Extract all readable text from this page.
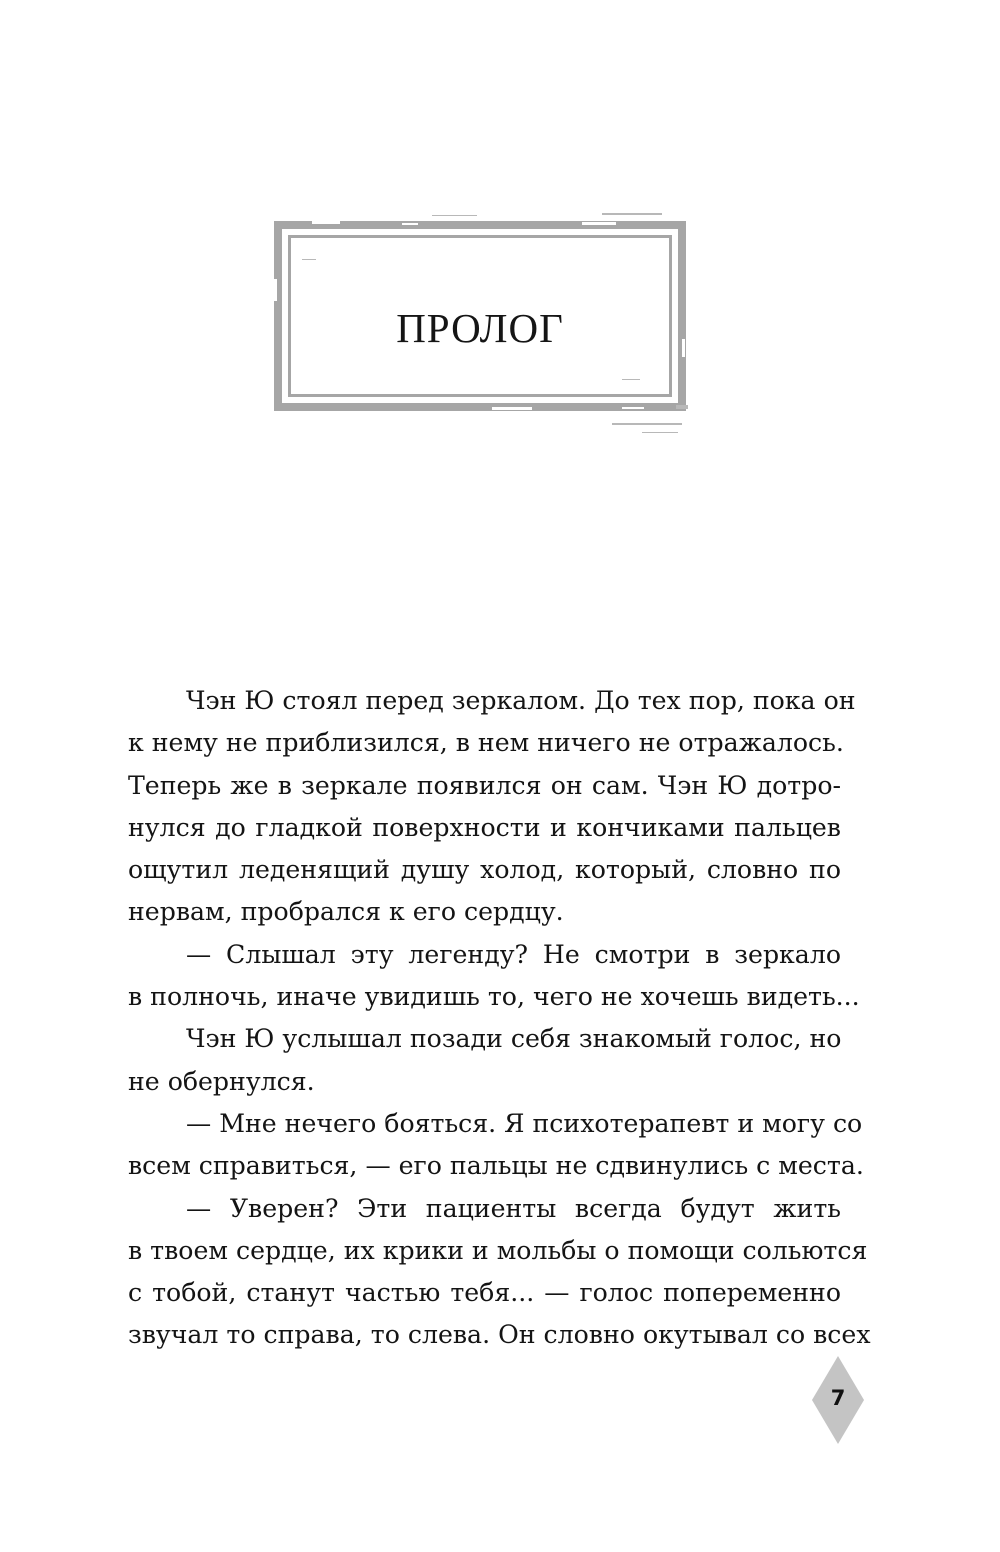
ПРОЛОГ
Чэн Ю стоял перед зеркалом. До тех пор, пока он
к нему не приблизился, в нем ничего не отражалось.
Теперь же в зеркале появился он сам. Чэн Ю дотро-
нулся до гладкой поверхности и кончиками пальцев
ощутил леденящий душу холод, который, словно по
нервам, пробрался к его сердцу.
— Слышал эту легенду? Не смотри в зеркало
в полночь, иначе увидишь то, чего не хочешь видеть...
Чэн Ю услышал позади себя знакомый голос, но
не обернулся.
— Мне нечего бояться. Я психотерапевт и могу со
всем справиться, — его пальцы не сдвинулись с места.
— Уверен? Эти пациенты всегда будут жить
в твоем сердце, их крики и мольбы о помощи сольются
с тобой, станут частью тебя... — голос попеременно
звучал то справа, то слева. Он словно окутывал со всех
7
